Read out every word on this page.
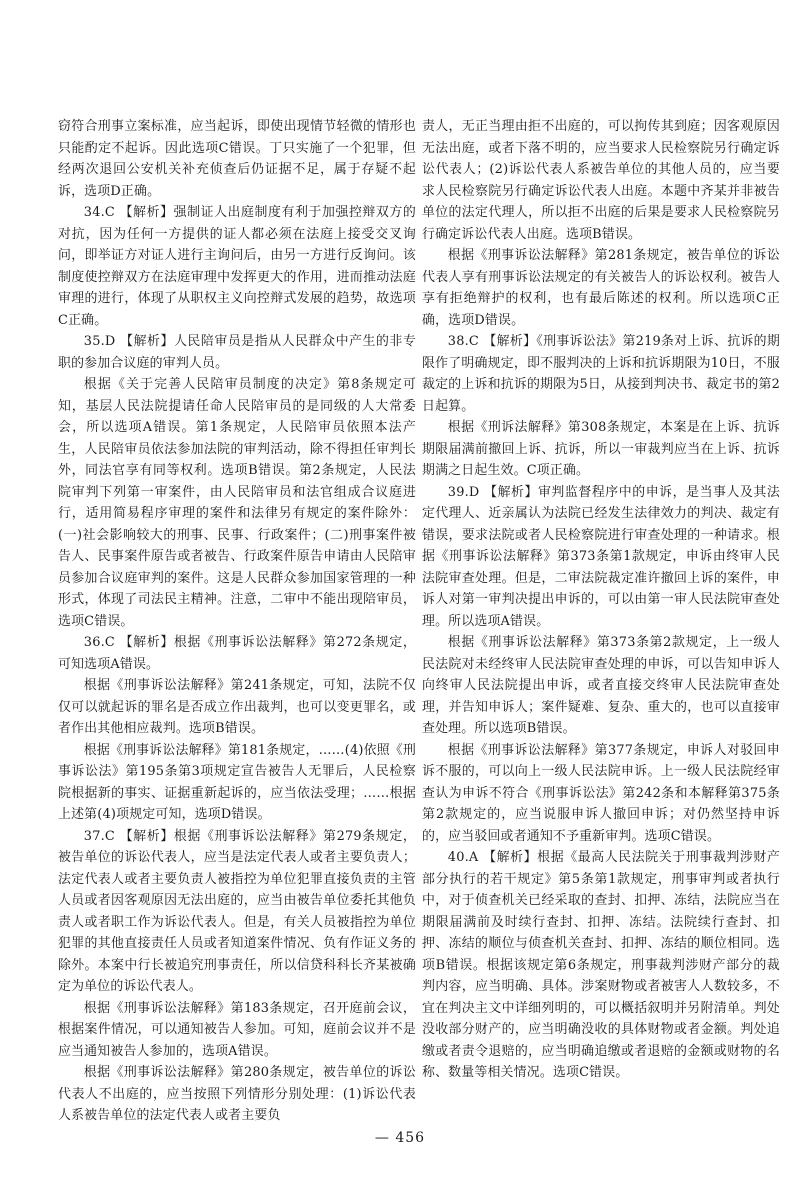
窃符合刑事立案标准，应当起诉，即使出现情节轻微的情形也只能酌定不起诉。因此选项C错误。丁只实施了一个犯罪，但经两次退回公安机关补充侦查后仍证据不足，属于存疑不起诉，选项D正确。

34.C 【解析】强制证人出庭制度有利于加强控辩双方的对抗，因为任何一方提供的证人都必须在法庭上接受交叉询问，即举证方对证人进行主询问后，由另一方进行反询问。该制度使控辩双方在法庭审理中发挥更大的作用，进而推动法庭审理的进行，体现了从职权主义向控辩式发展的趋势，故选项C正确。

35.D 【解析】人民陪审员是指从人民群众中产生的非专职的参加合议庭的审判人员。

根据《关于完善人民陪审员制度的决定》第8条规定可知，基层人民法院提请任命人民陪审员的是同级的人大常委会，所以选项A错误。第1条规定，人民陪审员依照本法产生，人民陪审员依法参加法院的审判活动，除不得担任审判长外，同法官享有同等权利。选项B错误。第2条规定，人民法院审判下列第一审案件，由人民陪审员和法官组成合议庭进行，适用简易程序审理的案件和法律另有规定的案件除外：(一)社会影响较大的刑事、民事、行政案件；(二)刑事案件被告人、民事案件原告或者被告、行政案件原告申请由人民陪审员参加合议庭审判的案件。这是人民群众参加国家管理的一种形式，体现了司法民主精神。注意，二审中不能出现陪审员，选项C错误。

36.C 【解析】根据《刑事诉讼法解释》第272条规定，可知选项A错误。

根据《刑事诉讼法解释》第241条规定，可知，法院不仅仅可以就起诉的罪名是否成立作出裁判，也可以变更罪名，或者作出其他相应裁判。选项B错误。

根据《刑事诉讼法解释》第181条规定，……(4)依照《刑事诉讼法》第195条第3项规定宣告被告人无罪后，人民检察院根据新的事实、证据重新起诉的，应当依法受理；……根据上述第(4)项规定可知，选项D错误。

37.C 【解析】根据《刑事诉讼法解释》第279条规定，被告单位的诉讼代表人，应当是法定代表人或者主要负责人；法定代表人或者主要负责人被指控为单位犯罪直接负责的主管人员或者因客观原因无法出庭的，应当由被告单位委托其他负责人或者职工作为诉讼代表人。但是，有关人员被指控为单位犯罪的其他直接责任人员或者知道案件情况、负有作证义务的除外。本案中行长被追究刑事责任，所以信贷科科长齐某被确定为单位的诉讼代表人。

根据《刑事诉讼法解释》第183条规定，召开庭前会议，根据案件情况，可以通知被告人参加。可知，庭前会议并不是应当通知被告人参加的，选项A错误。

根据《刑事诉讼法解释》第280条规定，被告单位的诉讼代表人不出庭的，应当按照下列情形分别处理：(1)诉讼代表人系被告单位的法定代表人或者主要负

责人，无正当理由拒不出庭的，可以拘传其到庭；因客观原因无法出庭，或者下落不明的，应当要求人民检察院另行确定诉讼代表人；(2)诉讼代表人系被告单位的其他人员的，应当要求人民检察院另行确定诉讼代表人出庭。本题中齐某并非被告单位的法定代理人，所以拒不出庭的后果是要求人民检察院另行确定诉讼代表人出庭。选项B错误。

根据《刑事诉讼法解释》第281条规定，被告单位的诉讼代表人享有刑事诉讼法规定的有关被告人的诉讼权利。被告人享有拒绝辩护的权利，也有最后陈述的权利。所以选项C正确，选项D错误。

38.C 【解析】《刑事诉讼法》第219条对上诉、抗诉的期限作了明确规定，即不服判决的上诉和抗诉期限为10日，不服裁定的上诉和抗诉的期限为5日，从接到判决书、裁定书的第2日起算。

根据《刑诉法解释》第308条规定，本案是在上诉、抗诉期限届满前撤回上诉、抗诉，所以一审裁判应当在上诉、抗诉期满之日起生效。C项正确。

39.D 【解析】审判监督程序中的申诉，是当事人及其法定代理人、近亲属认为法院已经发生法律效力的判决、裁定有错误，要求法院或者人民检察院进行审查处理的一种请求。根据《刑事诉讼法解释》第373条第1款规定，申诉由终审人民法院审查处理。但是，二审法院裁定准许撤回上诉的案件，申诉人对第一审判决提出申诉的，可以由第一审人民法院审查处理。所以选项A错误。

根据《刑事诉讼法解释》第373条第2款规定，上一级人民法院对未经终审人民法院审查处理的申诉，可以告知申诉人向终审人民法院提出申诉，或者直接交终审人民法院审查处理，并告知申诉人；案件疑难、复杂、重大的，也可以直接审查处理。所以选项B错误。

根据《刑事诉讼法解释》第377条规定，申诉人对驳回申诉不服的，可以向上一级人民法院申诉。上一级人民法院经审查认为申诉不符合《刑事诉讼法》第242条和本解释第375条第2款规定的，应当说服申诉人撤回申诉；对仍然坚持申诉的，应当驳回或者通知不予重新审判。选项C错误。

40.A 【解析】根据《最高人民法院关于刑事裁判涉财产部分执行的若干规定》第5条第1款规定，刑事审判或者执行中，对于侦查机关已经采取的查封、扣押、冻结，法院应当在期限届满前及时续行查封、扣押、冻结。法院续行查封、扣押、冻结的顺位与侦查机关查封、扣押、冻结的顺位相同。选项B错误。根据该规定第6条规定，刑事裁判涉财产部分的裁判内容，应当明确、具体。涉案财物或者被害人人数较多，不宜在判决主文中详细列明的，可以概括叙明并另附清单。判处没收部分财产的，应当明确没收的具体财物或者金额。判处追缴或者责令退赔的，应当明确追缴或者退赔的金额或财物的名称、数量等相关情况。选项C错误。

— 456
